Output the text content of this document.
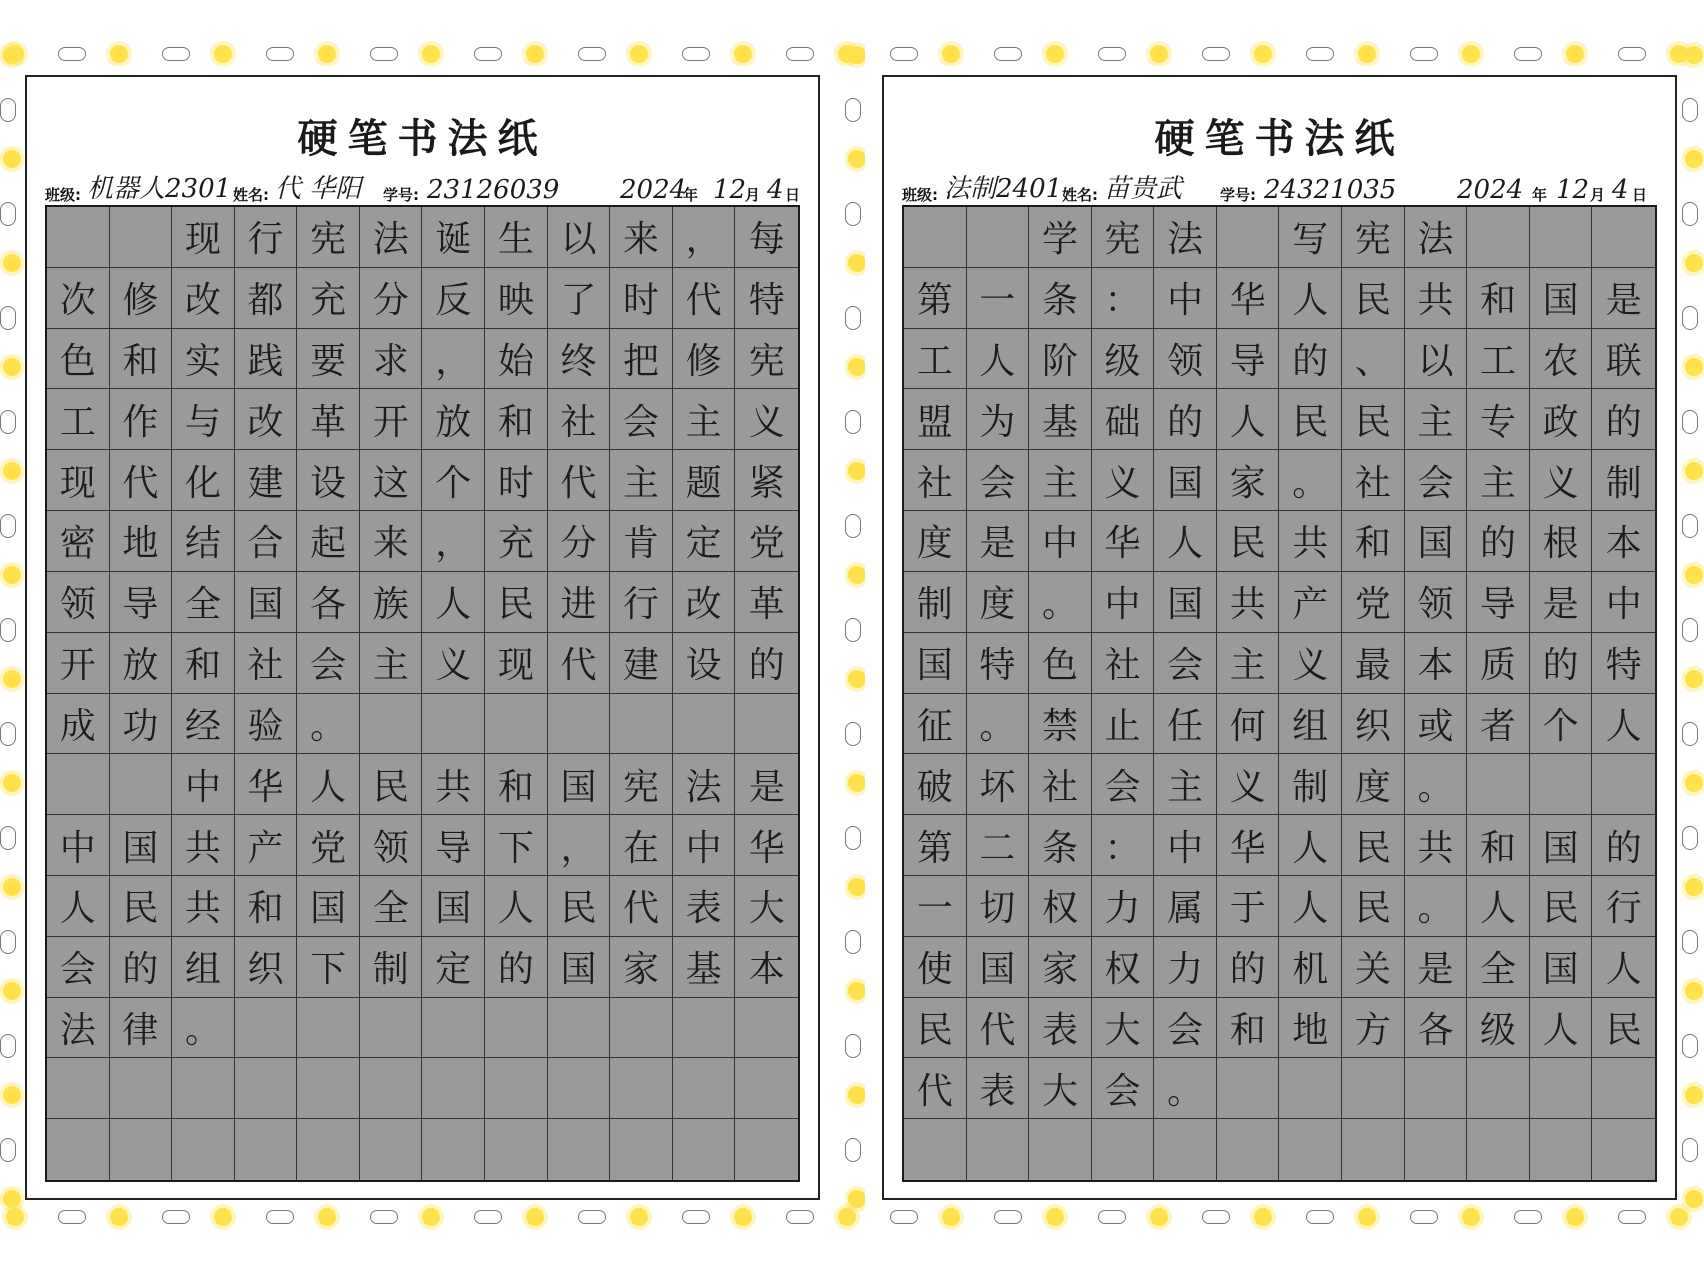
硬笔书法纸
班级: 机器人2301 姓名: 代 华阳 学号: 23126039 2024
年 12
月 4 日
现 行 宪 法 诞 生 以 来 ， 每
次 修 改 都 充 分 反 映 了 时 代 特
色 和 实 践 要 求 ， 始 终 把 修 宪
工 作 与 改 革 开 放 和 社 会 主 义
现 代 化 建 设 这 个 时 代 主 题 紧
密 地 结 合 起 来 ， 充 分 肯 定 党
领 导 全 国 各 族 人 民 进 行 改 革
开 放 和 社 会 主 义 现 代 建 设 的
成 功 经 验 。
中 华 人 民 共 和 国 宪 法 是
中 国 共 产 党 领 导 下 ， 在 中 华
人 民 共 和 国 全 国 人 民 代 表 大
会 的 组 织 下 制 定 的 国 家 基 本
法 律 。
硬笔书法纸
班级: 法制2401 姓名: 苗贵武	学号: 24321035 2024 年 12 月 4 日
学 宪 法	写 宪 法
第 一 条 ： 中 华 人 民 共 和 国 是
工 人 阶 级 领 导 的 、 以 工 农 联
盟 为 基 础 的 人 民 民 主 专 政 的
社 会 主 义 国 家 。 社 会 主 义 制
度 是 中 华 人 民 共 和 国 的 根 本
制 度 。 中 国 共 产 党 领 导 是 中
国 特 色 社 会 主 义 最 本 质 的 特
征 。 禁 止 任 何 组 织 或 者 个 人
破 坏 社 会 主 义 制 度 。
第 二 条 ： 中 华 人 民 共 和 国 的
一 切 权 力 属 于 人 民 。 人 民 行
使 国 家 权 力 的 机 关 是 全 国 人
民 代 表 大 会 和 地 方 各 级 人 民
代 表 大 会 。
